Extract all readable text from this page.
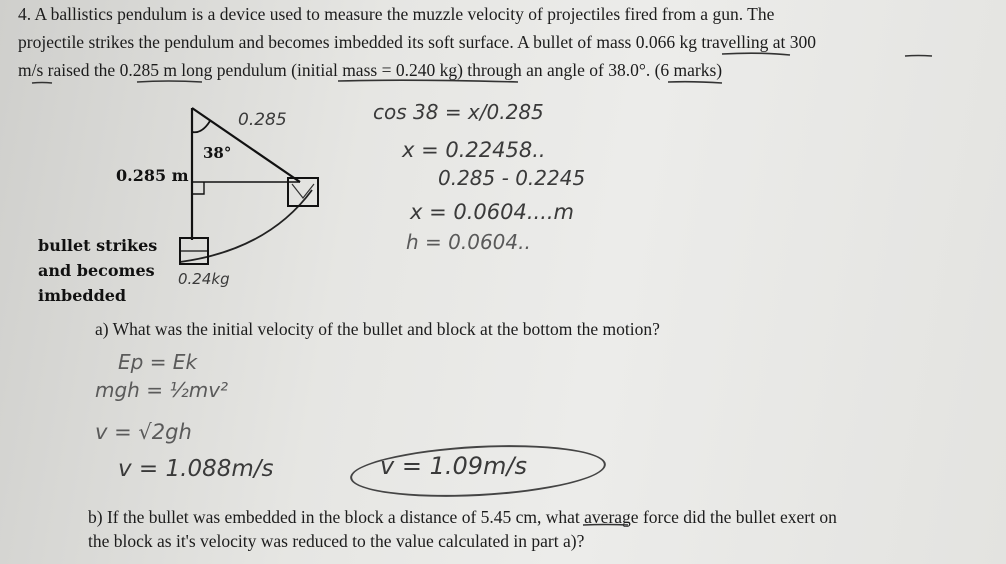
4. A ballistics pendulum is a device used to measure the muzzle velocity of projectiles fired from a gun. The
projectile strikes the pendulum and becomes imbedded its soft surface. A bullet of mass 0.066 kg travelling at 300
m/s raised the 0.285 m long pendulum (initial mass = 0.240 kg) through an angle of 38.0°. (6 marks)
0.285 m
38°
bullet strikes
and becomes
imbedded
0.285	cos 38 = x/0.285
x = 0.22458..
0.285 - 0.2245
x = 0.0604....m
h = 0.0604..
0.24kg
a) What was the initial velocity of the bullet and block at the bottom the motion?
Ep = Ek
mgh = ½mv²
v = √2gh
v = 1.088m/s	v = 1.09m/s
b) If the bullet was embedded in the block a distance of 5.45 cm, what average force did the bullet exert on
the block as it's velocity was reduced to the value calculated in part a)?
